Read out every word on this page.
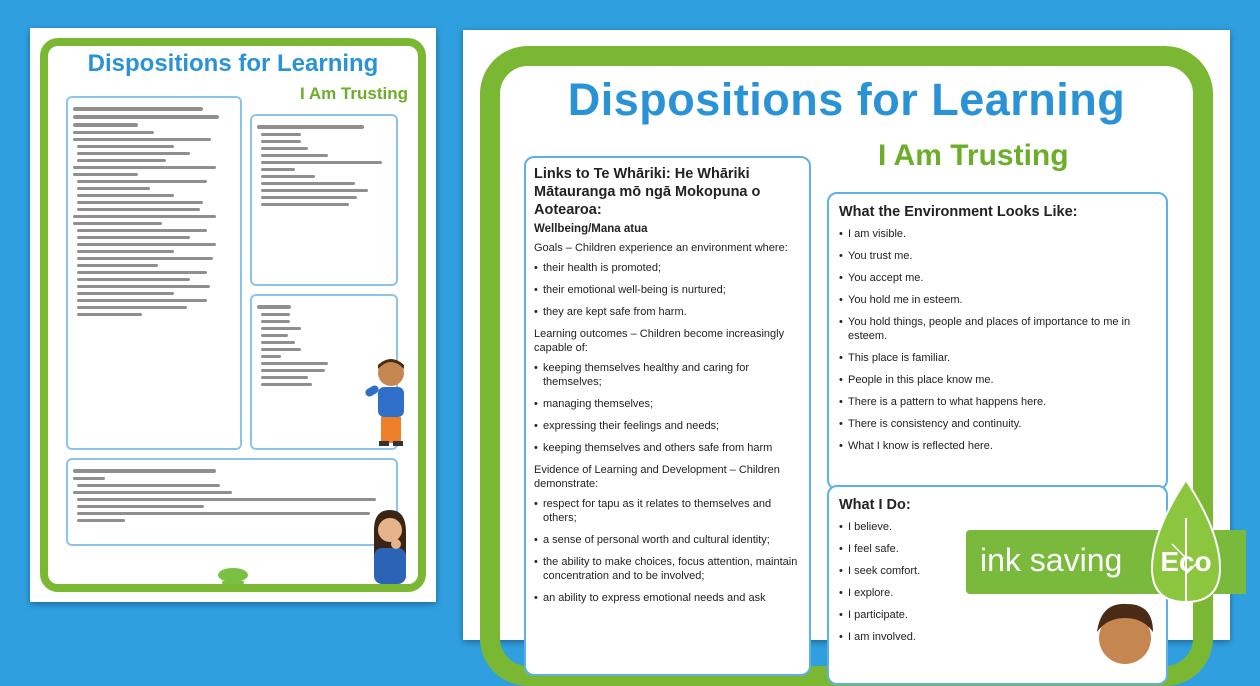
Dispositions for Learning
I Am Trusting	Dispositions for Learning
I Am Trusting
Links to Te Whāriki: He Whāriki Mātauranga mō ngā Mokopuna o Aotearoa:
Wellbeing/Mana atua
Goals – Children experience an environment where:
• their health is promoted;
• their emotional well-being is nurtured;
• they are kept safe from harm.
Learning outcomes – Children become increasingly capable of:
• keeping themselves healthy and caring for themselves;
• managing themselves;
• expressing their feelings and needs;
• keeping themselves and others safe from harm
Evidence of Learning and Development – Children demonstrate:
• respect for tapu as it relates to themselves and others;
• a sense of personal worth and cultural identity;
• the ability to make choices, focus attention, maintain concentration and to be involved;
• an ability to express emotional needs and ask
What the Environment Looks Like:
• I am visible.
• You trust me.
• You accept me.
• You hold me in esteem.
• You hold things, people and places of importance to me in esteem.
• This place is familiar.
• People in this place know me.
• There is a pattern to what happens here.
• There is consistency and continuity.
• What I know is reflected here.
What I Do:
• I believe.
• I feel safe.
• I seek comfort.
• I explore.
• I participate.
• I am involved.
ink saving Eco
